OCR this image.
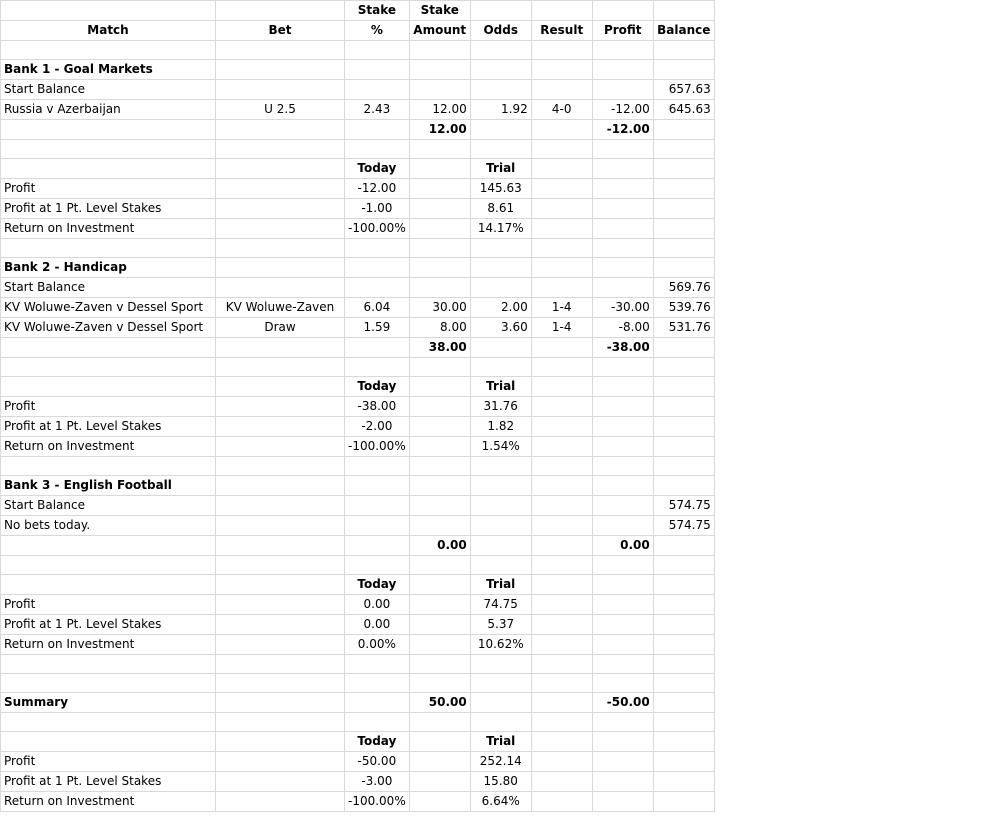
		Stake	Stake				
Match	Bet	%	Amount	Odds	Result	Profit	Balance

Bank 1 - Goal Markets							
Start Balance							657.63
Russia v Azerbaijan	U 2.5	2.43	12.00	1.92	4-0	-12.00	645.63
			12.00			-12.00	

		Today		Trial			
Profit		-12.00		145.63			
Profit at 1 Pt. Level Stakes		-1.00		8.61			
Return on Investment		-100.00%		14.17%			

Bank 2 - Handicap							
Start Balance							569.76
KV Woluwe-Zaven v Dessel Sport	KV Woluwe-Zaven	6.04	30.00	2.00	1-4	-30.00	539.76
KV Woluwe-Zaven v Dessel Sport	Draw	1.59	8.00	3.60	1-4	-8.00	531.76
			38.00			-38.00	

		Today		Trial			
Profit		-38.00		31.76			
Profit at 1 Pt. Level Stakes		-2.00		1.82			
Return on Investment		-100.00%		1.54%			

Bank 3 - English Football							
Start Balance							574.75
No bets today.							574.75
			0.00			0.00	

		Today		Trial			
Profit		0.00		74.75			
Profit at 1 Pt. Level Stakes		0.00		5.37			
Return on Investment		0.00%		10.62%			

Summary			50.00			-50.00	

		Today		Trial			
Profit		-50.00		252.14			
Profit at 1 Pt. Level Stakes		-3.00		15.80			
Return on Investment		-100.00%		6.64%			
